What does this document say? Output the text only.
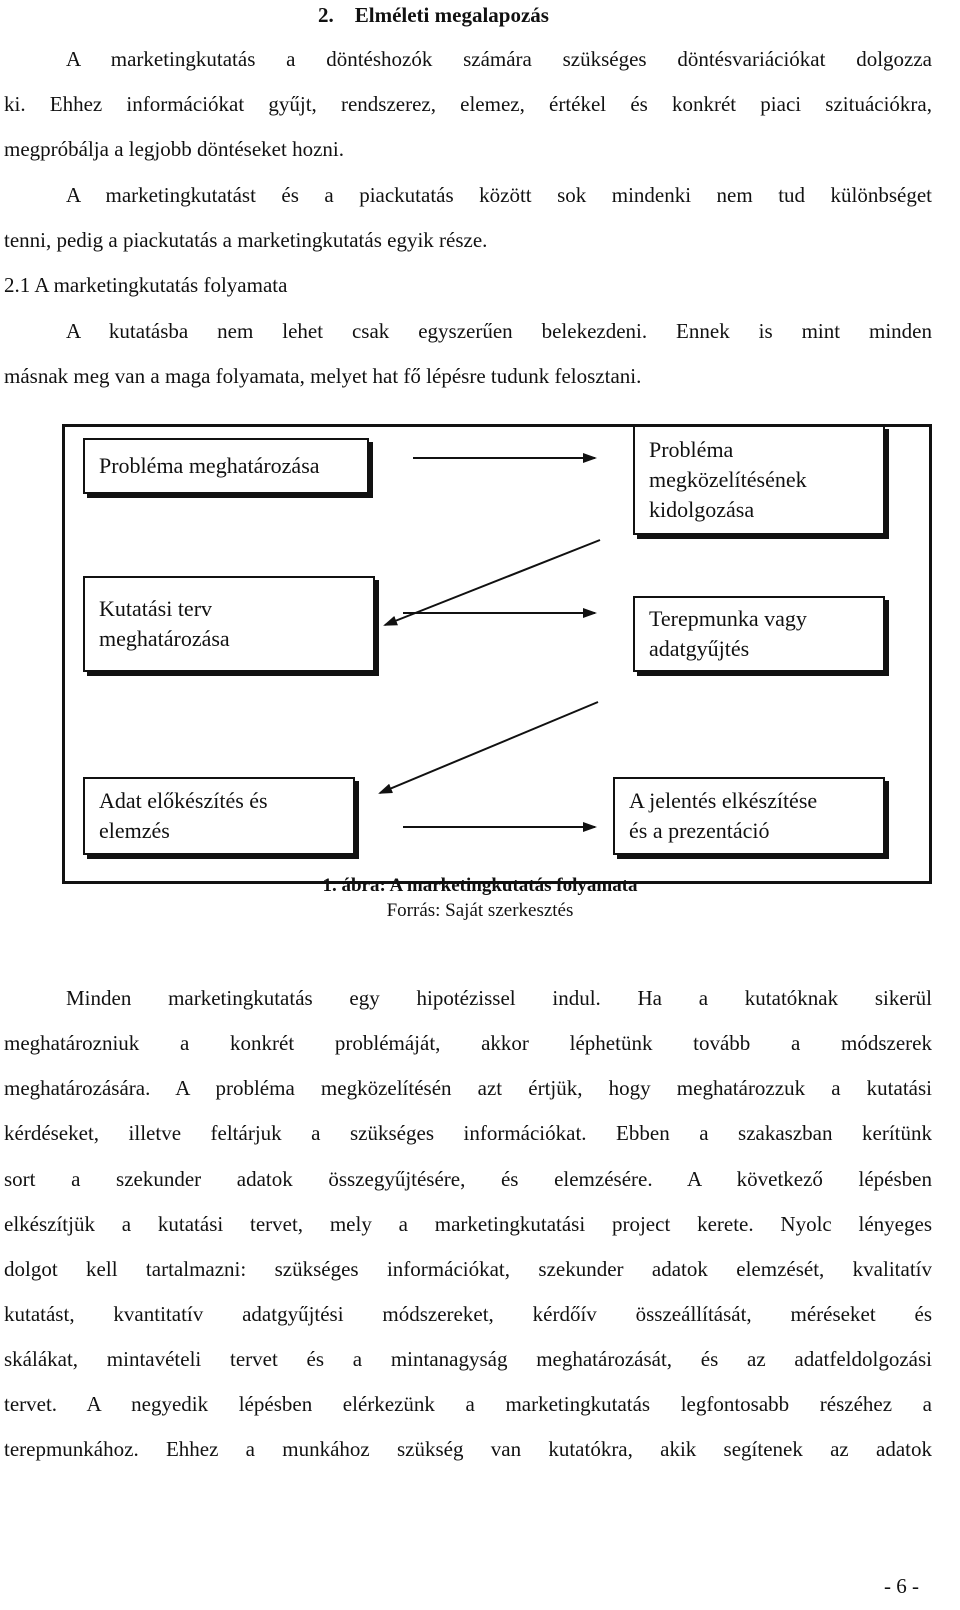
2.    Elméleti megalapozás
A marketingkutatás a döntéshozók számára szükséges döntésvariációkat dolgozza
ki. Ehhez információkat gyűjt, rendszerez, elemez, értékel és konkrét piaci szituációkra,
megpróbálja a legjobb döntéseket hozni.
A marketingkutatást és a piackutatás között sok mindenki nem tud különbséget
tenni, pedig a piackutatás a marketingkutatás egyik része.
2.1 A marketingkutatás folyamata
A kutatásba nem lehet csak egyszerűen belekezdeni. Ennek is mint minden
másnak meg van a maga folyamata, melyet hat fő lépésre tudunk felosztani.
Probléma meghatározása
Probléma
megközelítésének
kidolgozása
Kutatási terv
meghatározása
Terepmunka vagy
adatgyűjtés
Adat előkészítés és
elemzés
A jelentés elkészítése
és a prezentáció
1. ábra: A marketingkutatás folyamata
Forrás: Saját szerkesztés
Minden marketingkutatás egy hipotézissel indul. Ha a kutatóknak sikerül
meghatározniuk a konkrét problémáját, akkor léphetünk tovább a módszerek
meghatározására. A probléma megközelítésén azt értjük, hogy meghatározzuk a kutatási
kérdéseket, illetve feltárjuk a szükséges információkat. Ebben a szakaszban kerítünk
sort a szekunder adatok összegyűjtésére, és elemzésére. A következő lépésben
elkészítjük a kutatási tervet, mely a marketingkutatási project kerete. Nyolc lényeges
dolgot kell tartalmazni: szükséges információkat, szekunder adatok elemzését, kvalitatív
kutatást, kvantitatív adatgyűjtési módszereket, kérdőív összeállítását, méréseket és
skálákat, mintavételi tervet és a mintanagyság meghatározását, és az adatfeldolgozási
tervet. A negyedik lépésben elérkezünk a marketingkutatás legfontosabb részéhez a
terepmunkához. Ehhez a munkához szükség van kutatókra, akik segítenek az adatok
- 6 -
